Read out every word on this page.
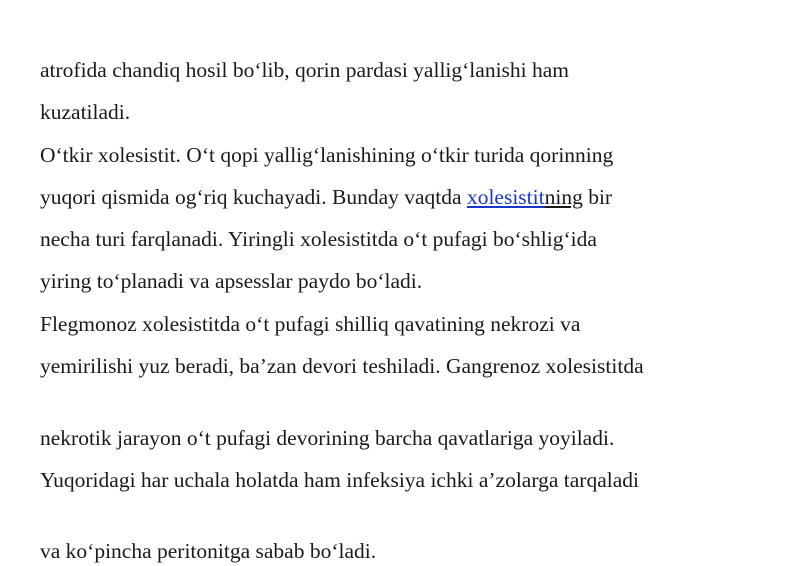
atrofida chandiq hosil bo‘lib, qorin pardasi yallig‘lanishi ham
kuzatiladi.
O‘tkir xolesistit. O‘t qopi yallig‘lanishining o‘tkir turida qorinning
yuqori qismida og‘riq kuchayadi. Bunday vaqtda xolesistitning bir
necha turi farqlanadi. Yiringli xolesistitda o‘t pufagi bo‘shlig‘ida
yiring to‘planadi va apsesslar paydo bo‘ladi.
Flegmonoz xolesistitda o‘t pufagi shilliq qavatining nekrozi va
yemirilishi yuz beradi, ba’zan devori teshiladi. Gangrenoz xolesistitda
nekrotik jarayon o‘t pufagi devorining barcha qavatlariga yoyiladi.
Yuqoridagi har uchala holatda ham infeksiya ichki a’zolarga tarqaladi
va ko‘pincha peritonitga sabab bo‘ladi.
